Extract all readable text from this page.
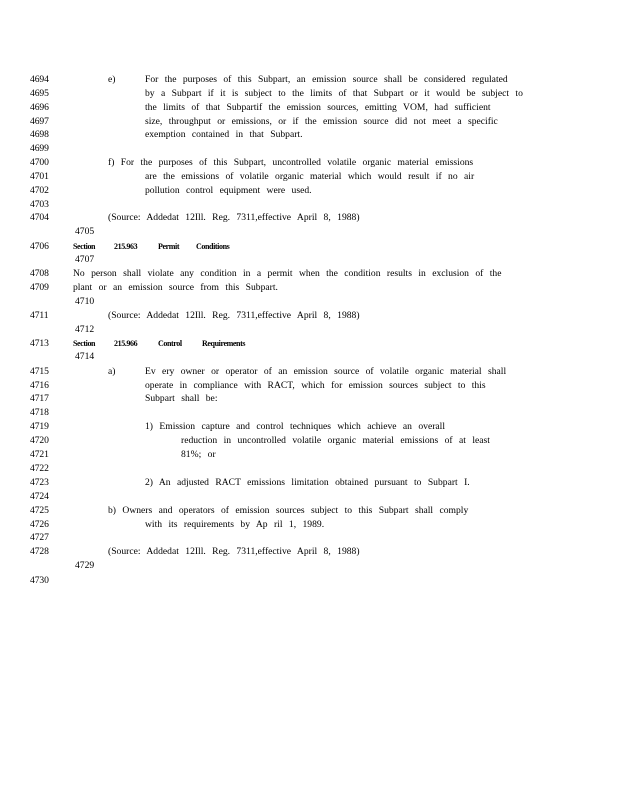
4694	e)	For the purposes of this Subpart, an emission source shall be considered regulated
4695	by a Subpart if it is subject to the limits of that Subpart or it would be subject to
4696	the limits of that Subpartif the emission sources, emitting VOM, had sufficient
4697	size, throughput or emissions, or if the emission source did not meet a specific
4698	exemption contained in that Subpart.
4699
4700	f) For the purposes of this Subpart, uncontrolled volatile organic material emissions
4701	are the emissions of volatile organic material which would result if no air
4702	pollution control equipment were used.
4703
4704	(Source: Addedat 12Ill. Reg. 7311,effective April 8, 1988)
4705
4706	Section 215.963	Permit Conditions
4707
4708	No person shall violate any condition in a permit when the condition results in exclusion of the
4709	plant or an emission source from this Subpart.
4710
4711	(Source: Addedat 12Ill. Reg. 7311,effective April 8, 1988)
4712
4713	Section 215.966	Control	Requirements
4714
4715	a)	Ev ery owner or operator of an emission source of volatile organic material shall
4716	operate in compliance with RACT, which for emission sources subject to this
4717	Subpart shall be:
4718
4719	1) Emission capture and control techniques which achieve an overall
4720	reduction in uncontrolled volatile organic material emissions of at least
4721	81%; or
4722
4723	2) An adjusted RACT emissions limitation obtained pursuant to Subpart I.
4724
4725	b) Owners and operators of emission sources subject to this Subpart shall comply
4726	with its requirements by Ap ril 1, 1989.
4727
4728	(Source: Addedat 12Ill. Reg. 7311,effective April 8, 1988)
4729
4730
